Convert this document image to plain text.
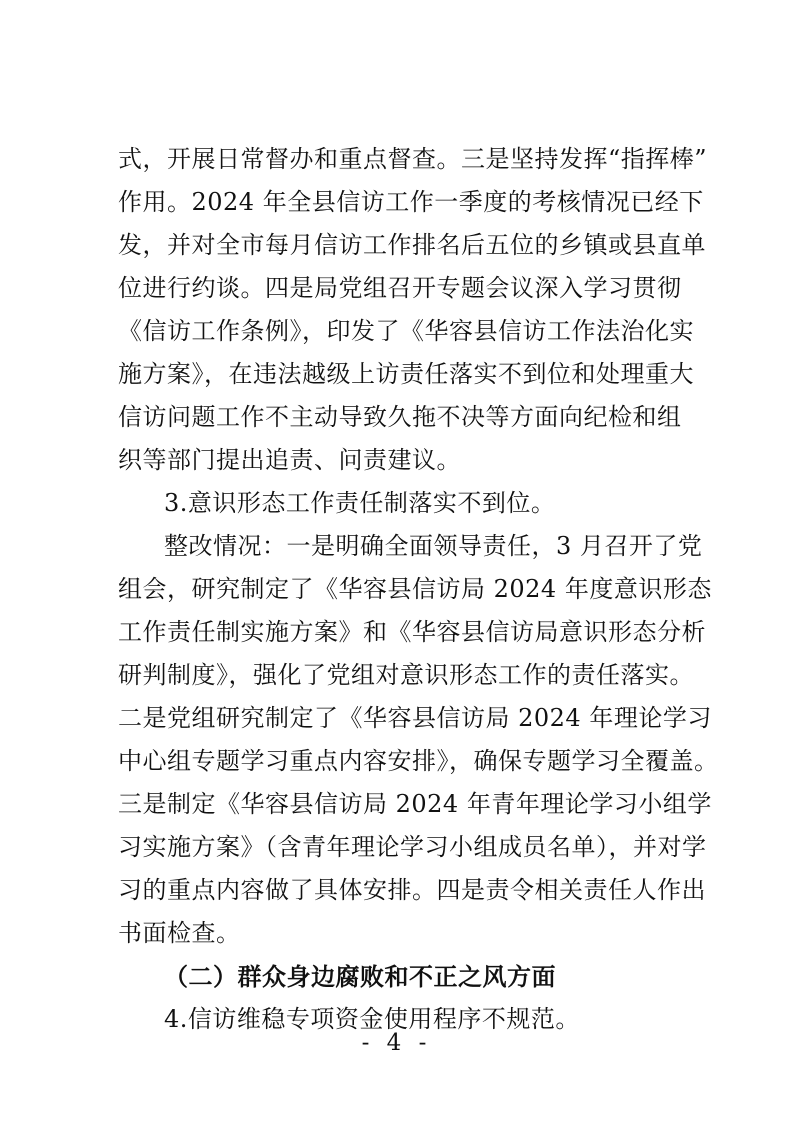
式，开展日常督办和重点督查。三是坚持发挥“指挥棒”
作用。2024 年全县信访工作一季度的考核情况已经下
发，并对全市每月信访工作排名后五位的乡镇或县直单
位进行约谈。四是局党组召开专题会议深入学习贯彻
《信访工作条例》，印发了《华容县信访工作法治化实
施方案》，在违法越级上访责任落实不到位和处理重大
信访问题工作不主动导致久拖不决等方面向纪检和组
织等部门提出追责、问责建议。
3.意识形态工作责任制落实不到位。
整改情况：一是明确全面领导责任，3 月召开了党
组会，研究制定了《华容县信访局 2024 年度意识形态
工作责任制实施方案》和《华容县信访局意识形态分析
研判制度》，强化了党组对意识形态工作的责任落实。
二是党组研究制定了《华容县信访局 2024 年理论学习
中心组专题学习重点内容安排》，确保专题学习全覆盖。
三是制定《华容县信访局 2024 年青年理论学习小组学
习实施方案》（含青年理论学习小组成员名单），并对学
习的重点内容做了具体安排。四是责令相关责任人作出
书面检查。
（二）群众身边腐败和不正之风方面
4.信访维稳专项资金使用程序不规范。
- 4 -
